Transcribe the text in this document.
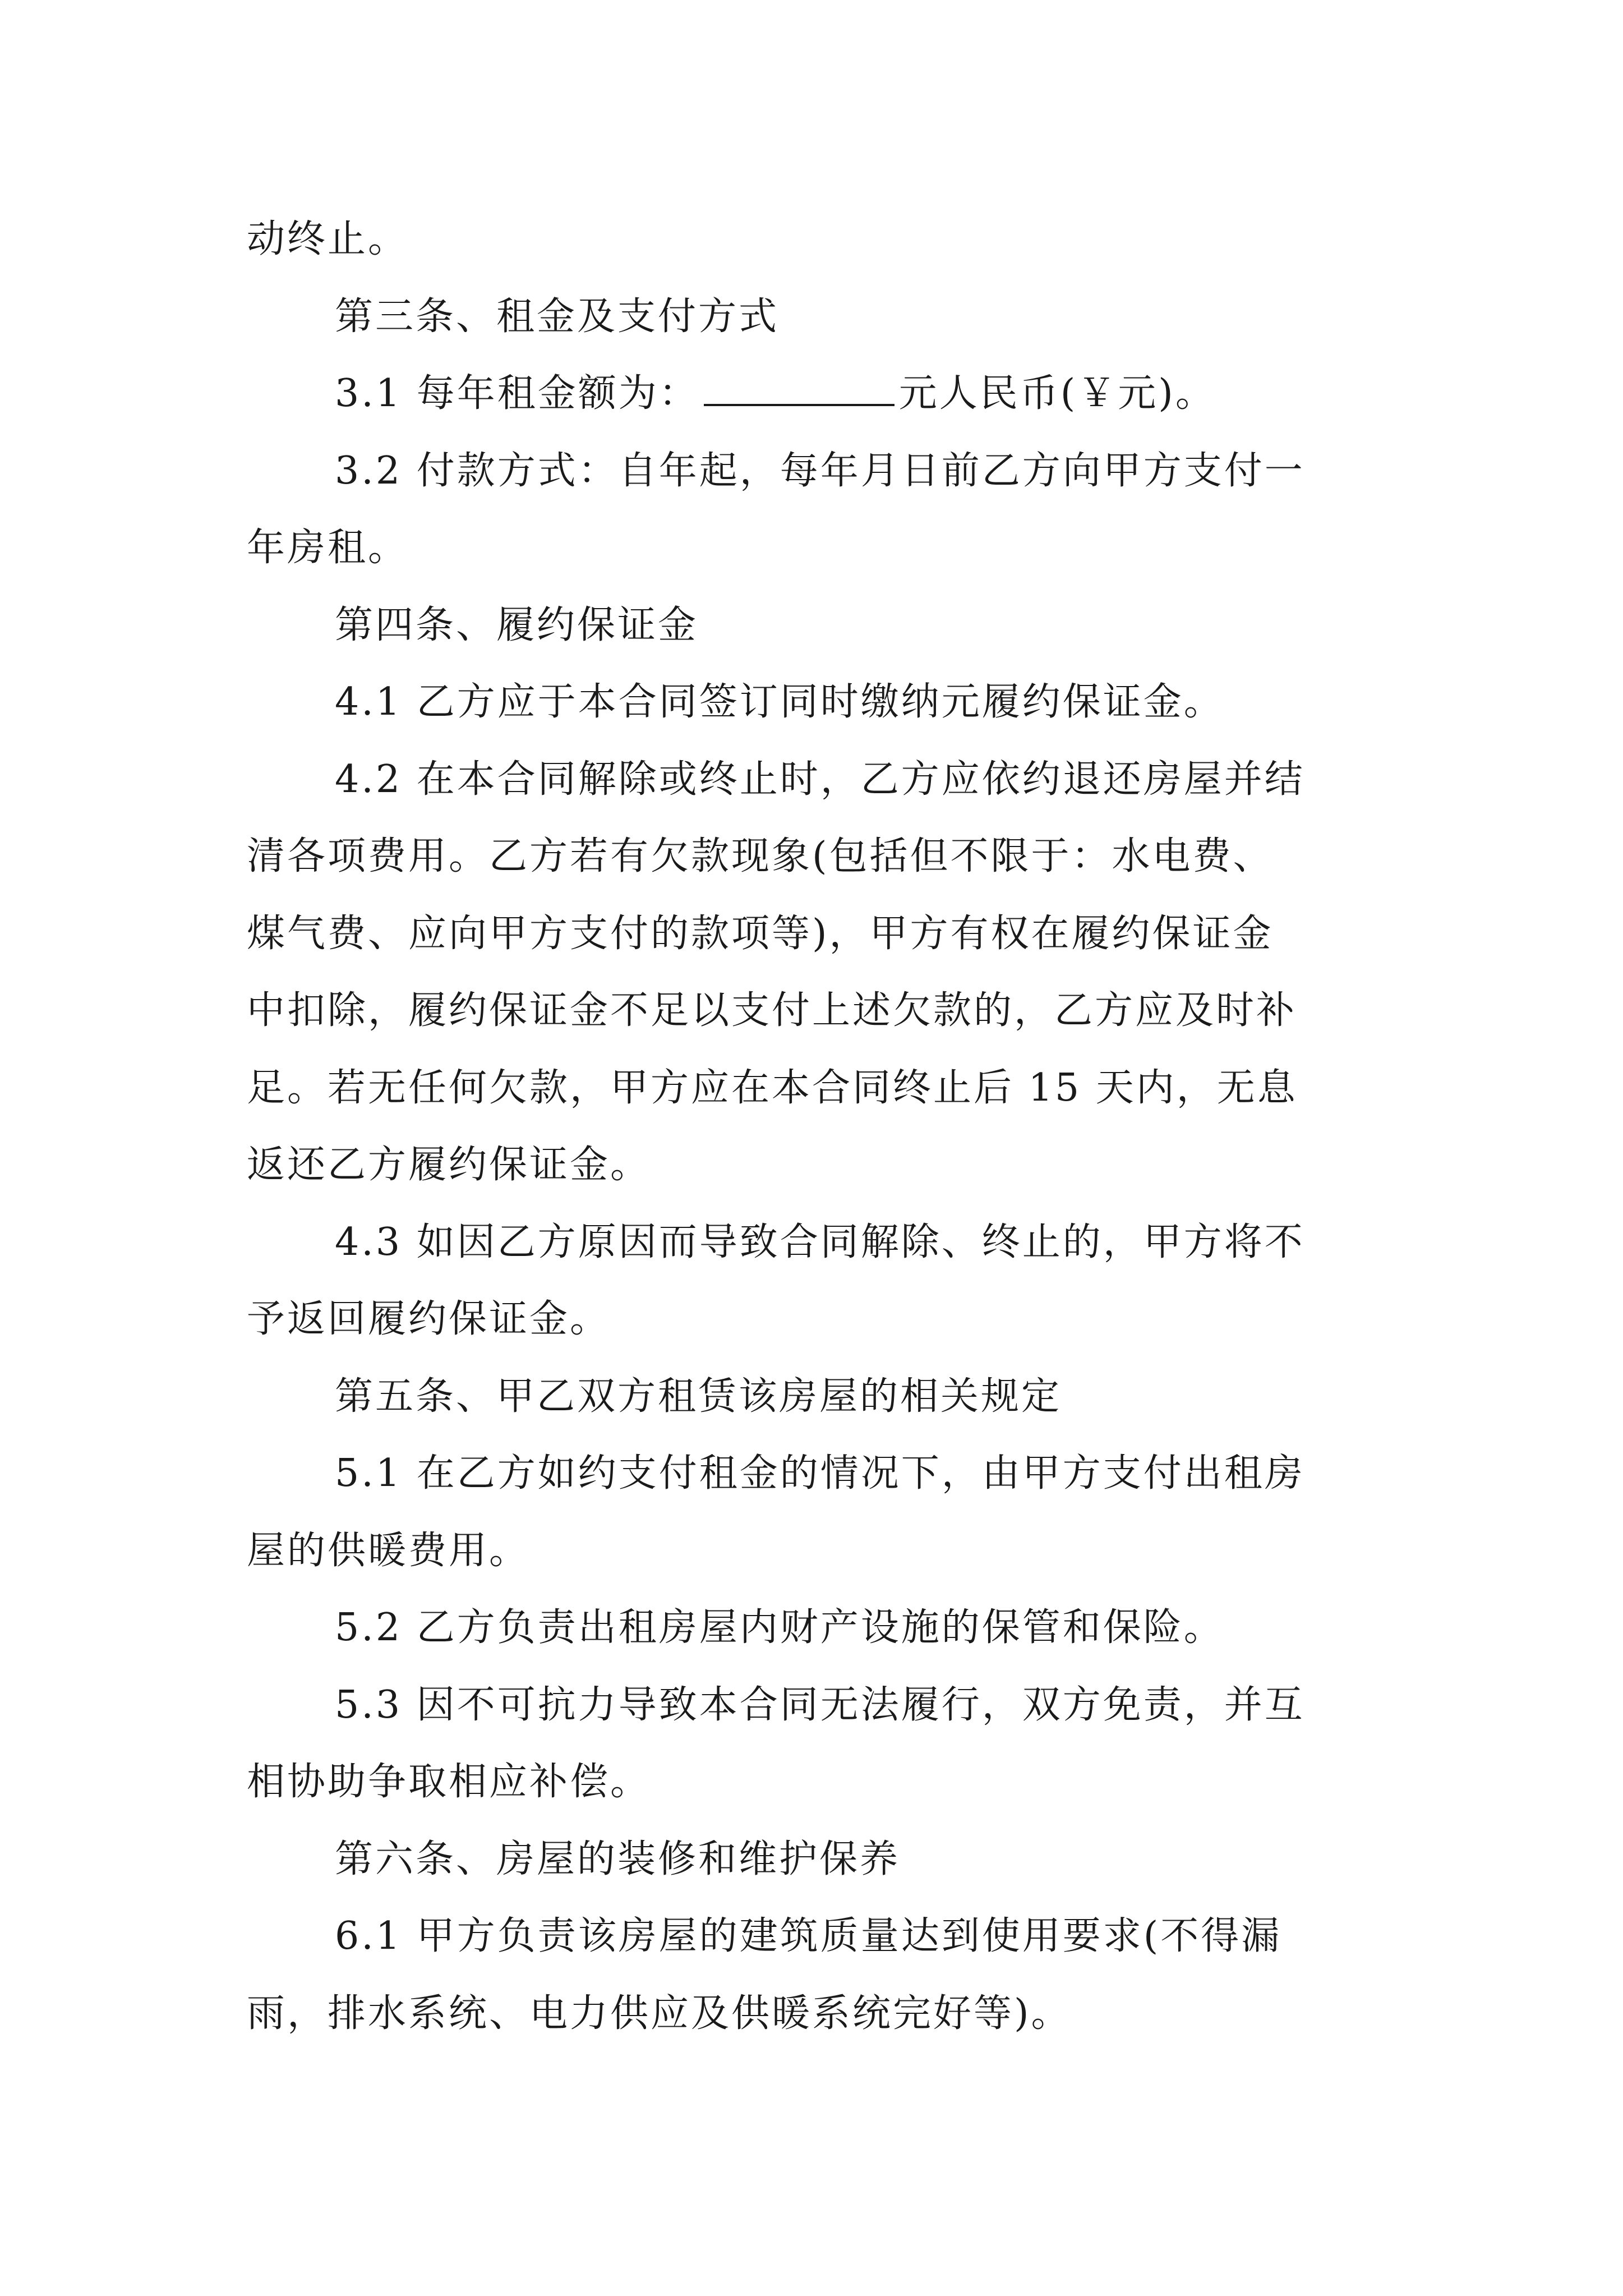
动终止。
第三条、租金及支付方式
3.1 每年租金额为：	元人民币(￥元)。
3.2 付款方式：自年起，每年月日前乙方向甲方支付一
年房租。
第四条、履约保证金
4.1 乙方应于本合同签订同时缴纳元履约保证金。
4.2 在本合同解除或终止时，乙方应依约退还房屋并结
清各项费用。乙方若有欠款现象(包括但不限于：水电费、
煤气费、应向甲方支付的款项等)，甲方有权在履约保证金
中扣除，履约保证金不足以支付上述欠款的，乙方应及时补
足。若无任何欠款，甲方应在本合同终止后 15 天内，无息
返还乙方履约保证金。
4.3 如因乙方原因而导致合同解除、终止的，甲方将不
予返回履约保证金。
第五条、甲乙双方租赁该房屋的相关规定
5.1 在乙方如约支付租金的情况下，由甲方支付出租房
屋的供暖费用。
5.2 乙方负责出租房屋内财产设施的保管和保险。
5.3 因不可抗力导致本合同无法履行，双方免责，并互
相协助争取相应补偿。
第六条、房屋的装修和维护保养
6.1 甲方负责该房屋的建筑质量达到使用要求(不得漏
雨，排水系统、电力供应及供暖系统完好等)。
